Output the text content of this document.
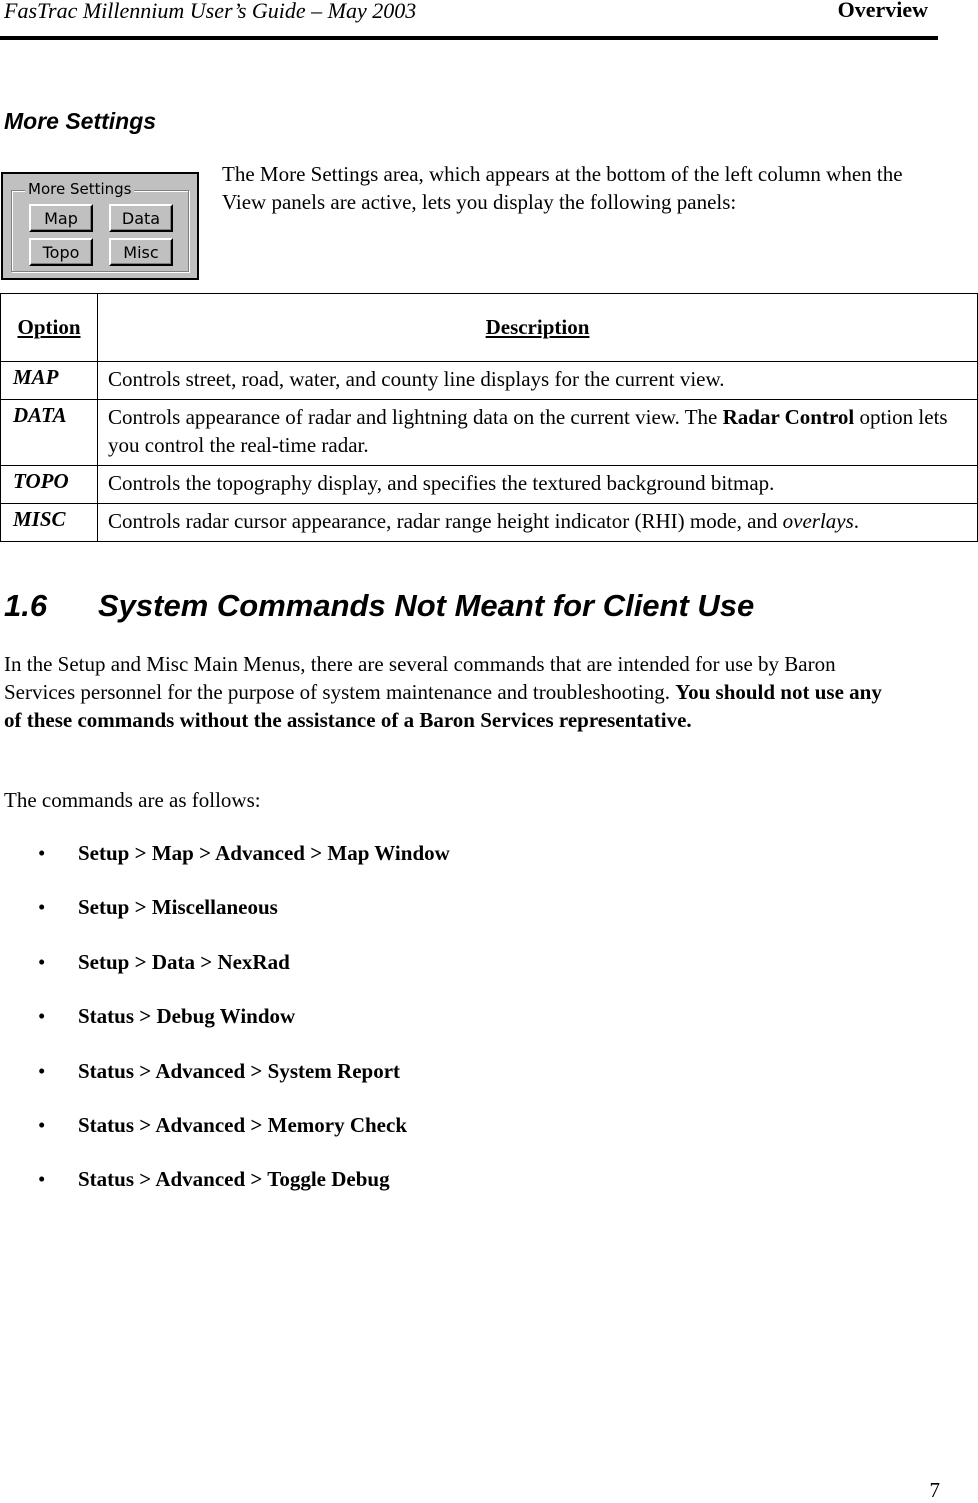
FasTrac Millennium User’s Guide – May 2003	Overview
More Settings
More Settings
Map	Data
Topo	Misc
The More Settings area, which appears at the bottom of the left column when the View panels are active, lets you display the following panels:
Option	Description
MAP	Controls street, road, water, and county line displays for the current view.
DATA	Controls appearance of radar and lightning data on the current view. The Radar Control option lets you control the real-time radar.
TOPO	Controls the topography display, and specifies the textured background bitmap.
MISC	Controls radar cursor appearance, radar range height indicator (RHI) mode, and overlays.
1.6 System Commands Not Meant for Client Use
In the Setup and Misc Main Menus, there are several commands that are intended for use by Baron Services personnel for the purpose of system maintenance and troubleshooting. You should not use any of these commands without the assistance of a Baron Services representative.
The commands are as follows:
• Setup > Map > Advanced > Map Window
• Setup > Miscellaneous
• Setup > Data > NexRad
• Status > Debug Window
• Status > Advanced > System Report
• Status > Advanced > Memory Check
• Status > Advanced > Toggle Debug
7
